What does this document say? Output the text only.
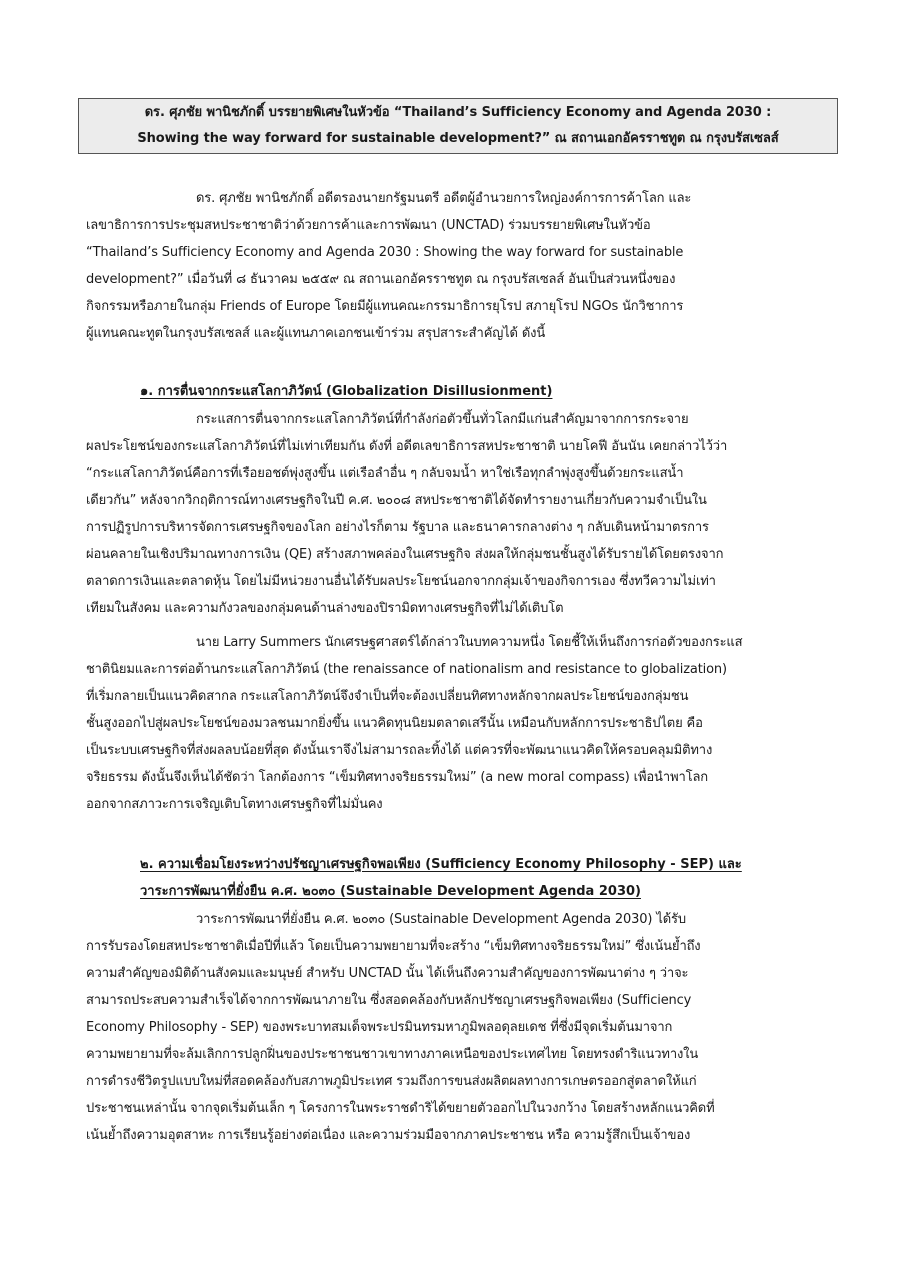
ดร. ศุภชัย พานิชภักดิ์ บรรยายพิเศษในหัวข้อ “Thailand’s Sufficiency Economy and Agenda 2030 :
Showing the way forward for sustainable development?” ณ สถานเอกอัครราชทูต ณ กรุงบรัสเซลส์
ดร. ศุภชัย พานิชภักดิ์ อดีตรองนายกรัฐมนตรี อดีตผู้อำนวยการใหญ่องค์การการค้าโลก และ
เลขาธิการการประชุมสหประชาชาติว่าด้วยการค้าและการพัฒนา (UNCTAD) ร่วมบรรยายพิเศษในหัวข้อ
“Thailand’s Sufficiency Economy and Agenda 2030 : Showing the way forward for sustainable
development?” เมื่อวันที่ ๘ ธันวาคม ๒๕๕๙ ณ สถานเอกอัครราชทูต ณ กรุงบรัสเซลส์ อันเป็นส่วนหนึ่งของ
กิจกรรมหรือภายในกลุ่ม Friends of Europe โดยมีผู้แทนคณะกรรมาธิการยุโรป สภายุโรป NGOs นักวิชาการ
ผู้แทนคณะทูตในกรุงบรัสเซลส์ และผู้แทนภาคเอกชนเข้าร่วม สรุปสาระสำคัญได้ ดังนี้
๑. การตื่นจากกระแสโลกาภิวัตน์ (Globalization Disillusionment)
กระแสการตื่นจากกระแสโลกาภิวัตน์ที่กำลังก่อตัวขึ้นทั่วโลกมีแก่นสำคัญมาจากการกระจาย
ผลประโยชน์ของกระแสโลกาภิวัตน์ที่ไม่เท่าเทียมกัน ดังที่ อดีตเลขาธิการสหประชาชาติ นายโคฟี อันนัน เคยกล่าวไว้ว่า
“กระแสโลกาภิวัตน์คือการที่เรือยอชต์พุ่งสูงขึ้น แต่เรือลำอื่น ๆ กลับจมน้ำ หาใช่เรือทุกลำพุ่งสูงขึ้นด้วยกระแสน้ำ
เดียวกัน” หลังจากวิกฤติการณ์ทางเศรษฐกิจในปี ค.ศ. ๒๐๐๘ สหประชาชาติได้จัดทำรายงานเกี่ยวกับความจำเป็นใน
การปฏิรูปการบริหารจัดการเศรษฐกิจของโลก อย่างไรก็ตาม รัฐบาล และธนาคารกลางต่าง ๆ กลับเดินหน้ามาตรการ
ผ่อนคลายในเชิงปริมาณทางการเงิน (QE) สร้างสภาพคล่องในเศรษฐกิจ ส่งผลให้กลุ่มชนชั้นสูงได้รับรายได้โดยตรงจาก
ตลาดการเงินและตลาดหุ้น โดยไม่มีหน่วยงานอื่นได้รับผลประโยชน์นอกจากกลุ่มเจ้าของกิจการเอง ซึ่งทวีความไม่เท่า
เทียมในสังคม และความกังวลของกลุ่มคนด้านล่างของปิรามิดทางเศรษฐกิจที่ไม่ได้เติบโต
นาย Larry Summers นักเศรษฐศาสตร์ได้กล่าวในบทความหนึ่ง โดยชี้ให้เห็นถึงการก่อตัวของกระแส
ชาตินิยมและการต่อต้านกระแสโลกาภิวัตน์ (the renaissance of nationalism and resistance to globalization)
ที่เริ่มกลายเป็นแนวคิดสากล กระแสโลกาภิวัตน์จึงจำเป็นที่จะต้องเปลี่ยนทิศทางหลักจากผลประโยชน์ของกลุ่มชน
ชั้นสูงออกไปสู่ผลประโยชน์ของมวลชนมากยิ่งขึ้น แนวคิดทุนนิยมตลาดเสรีนั้น เหมือนกับหลักการประชาธิปไตย คือ
เป็นระบบเศรษฐกิจที่ส่งผลลบน้อยที่สุด ดังนั้นเราจึงไม่สามารถละทิ้งได้ แต่ควรที่จะพัฒนาแนวคิดให้ครอบคลุมมิติทาง
จริยธรรม ดังนั้นจึงเห็นได้ชัดว่า โลกต้องการ “เข็มทิศทางจริยธรรมใหม่” (a new moral compass) เพื่อนำพาโลก
ออกจากสภาวะการเจริญเติบโตทางเศรษฐกิจที่ไม่มั่นคง
๒. ความเชื่อมโยงระหว่างปรัชญาเศรษฐกิจพอเพียง (Sufficiency Economy Philosophy - SEP) และ
วาระการพัฒนาที่ยั่งยืน ค.ศ. ๒๐๓๐ (Sustainable Development Agenda 2030)
วาระการพัฒนาที่ยั่งยืน ค.ศ. ๒๐๓๐ (Sustainable Development Agenda 2030) ได้รับ
การรับรองโดยสหประชาชาติเมื่อปีที่แล้ว โดยเป็นความพยายามที่จะสร้าง “เข็มทิศทางจริยธรรมใหม่” ซึ่งเน้นย้ำถึง
ความสำคัญของมิติด้านสังคมและมนุษย์ สำหรับ UNCTAD นั้น ได้เห็นถึงความสำคัญของการพัฒนาต่าง ๆ ว่าจะ
สามารถประสบความสำเร็จได้จากการพัฒนาภายใน ซึ่งสอดคล้องกับหลักปรัชญาเศรษฐกิจพอเพียง (Sufficiency
Economy Philosophy - SEP) ของพระบาทสมเด็จพระปรมินทรมหาภูมิพลอดุลยเดช ที่ซึ่งมีจุดเริ่มต้นมาจาก
ความพยายามที่จะล้มเลิกการปลูกฝิ่นของประชาชนชาวเขาทางภาคเหนือของประเทศไทย โดยทรงดำริแนวทางใน
การดำรงชีวิตรูปแบบใหม่ที่สอดคล้องกับสภาพภูมิประเทศ รวมถึงการขนส่งผลิตผลทางการเกษตรออกสู่ตลาดให้แก่
ประชาชนเหล่านั้น จากจุดเริ่มต้นเล็ก ๆ โครงการในพระราชดำริได้ขยายตัวออกไปในวงกว้าง โดยสร้างหลักแนวคิดที่
เน้นย้ำถึงความอุตสาหะ การเรียนรู้อย่างต่อเนื่อง และความร่วมมือจากภาคประชาชน หรือ ความรู้สึกเป็นเจ้าของ
